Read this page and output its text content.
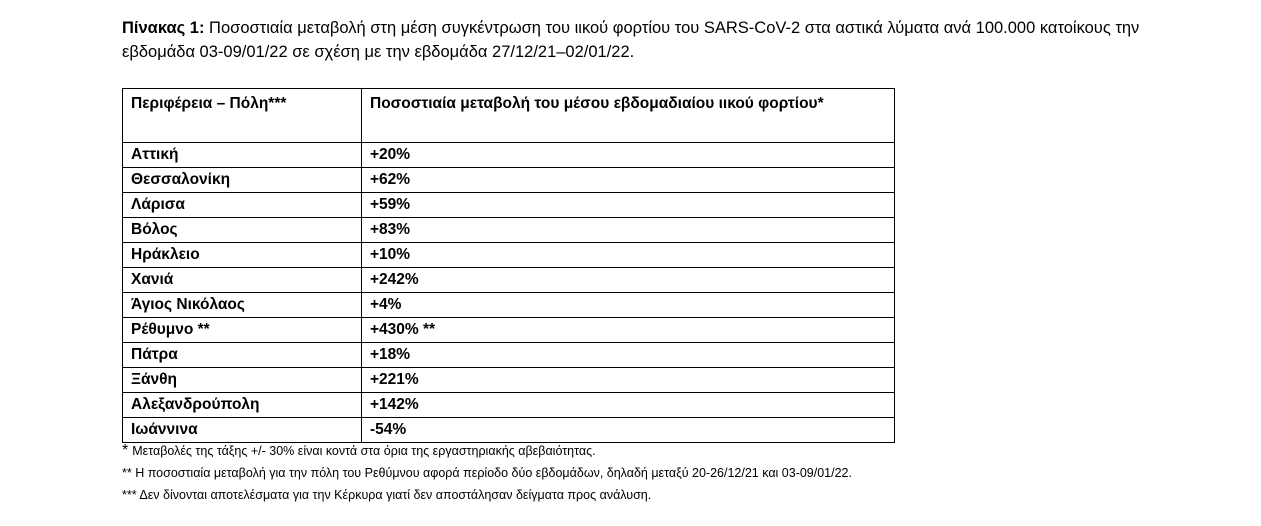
Πίνακας 1: Ποσοστιαία μεταβολή στη μέση συγκέντρωση του ιικού φορτίου του SARS-CoV-2 στα αστικά λύματα ανά 100.000 κατοίκους την εβδομάδα 03-09/01/22 σε σχέση με την εβδομάδα 27/12/21–02/01/22.
Περιφέρεια – Πόλη***	Ποσοστιαία μεταβολή του μέσου εβδομαδιαίου ιικού φορτίου*
Αττική	+20%
Θεσσαλονίκη	+62%
Λάρισα	+59%
Βόλος	+83%
Ηράκλειο	+10%
Χανιά	+242%
Άγιος Νικόλαος	+4%
Ρέθυμνο **	+430% **
Πάτρα	+18%
Ξάνθη	+221%
Αλεξανδρούπολη	+142%
Ιωάννινα	-54%
* Μεταβολές της τάξης +/- 30% είναι κοντά στα όρια της εργαστηριακής αβεβαιότητας.
** Η ποσοστιαία μεταβολή για την πόλη του Ρεθύμνου αφορά περίοδο δύο εβδομάδων, δηλαδή μεταξύ 20-26/12/21 και 03-09/01/22.
*** Δεν δίνονται αποτελέσματα για την Κέρκυρα γιατί δεν αποστάλησαν δείγματα προς ανάλυση.
